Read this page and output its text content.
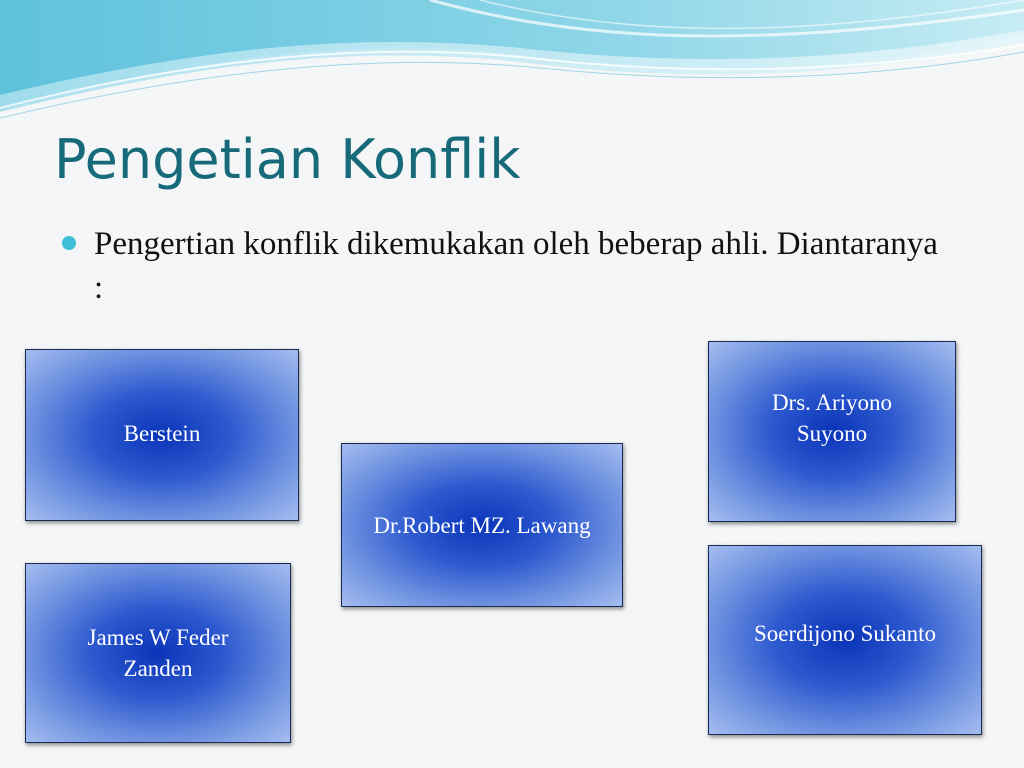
Pengetian Konflik
Pengertian konflik dikemukakan oleh beberap ahli. Diantaranya :
Berstein
Dr.Robert MZ. Lawang
Drs. Ariyono
Suyono
James W Feder
Zanden
Soerdijono Sukanto
